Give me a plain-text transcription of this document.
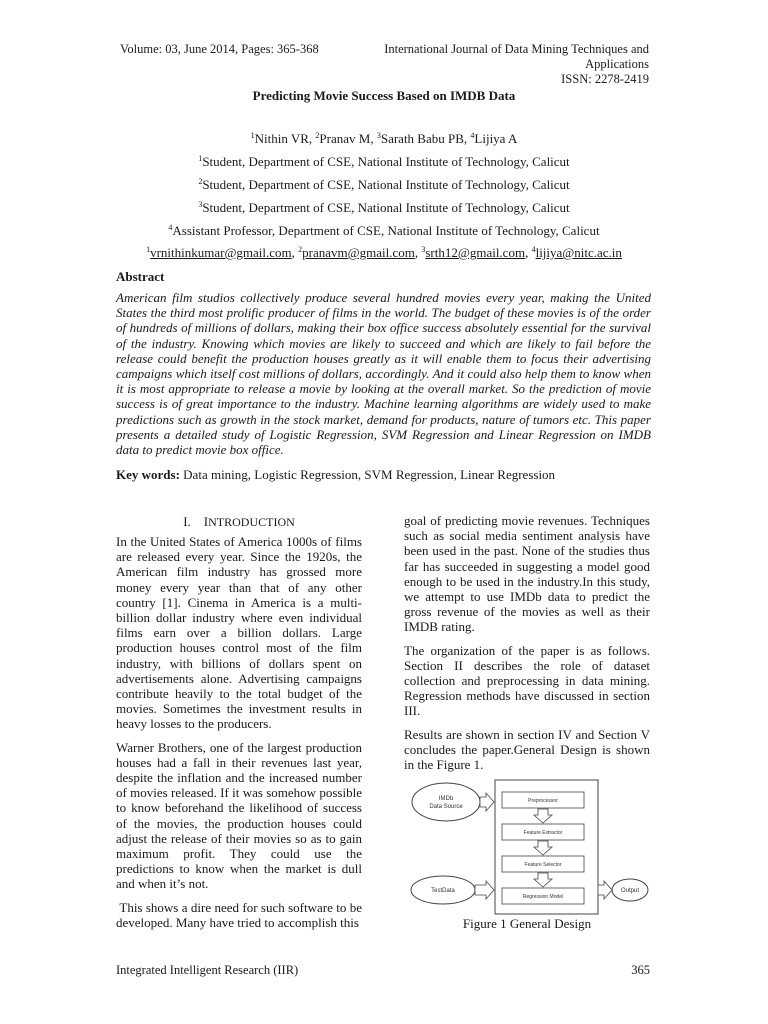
Volume: 03, June 2014, Pages: 365-368	International Journal of Data Mining Techniques and Applications
ISSN: 2278-2419
Predicting Movie Success Based on IMDB Data
$^1$Nithin VR, $^2$Pranav M, $^3$Sarath Babu PB, $^4$Lijiya A
$^1$Student, Department of CSE, National Institute of Technology, Calicut
$^2$Student, Department of CSE, National Institute of Technology, Calicut
$^3$Student, Department of CSE, National Institute of Technology, Calicut
$^4$Assistant Professor, Department of CSE, National Institute of Technology, Calicut
$^1$vrnithinkumar@gmail.com, $^2$pranavm@gmail.com, $^3$srth12@gmail.com, $^4$lijiya@nitc.ac.in
Abstract
American film studios collectively produce several hundred movies every year, making the United States the third most prolific producer of films in the world. The budget of these movies is of the order of hundreds of millions of dollars, making their box office success absolutely essential for the survival of the industry. Knowing which movies are likely to succeed and which are likely to fail before the release could benefit the production houses greatly as it will enable them to focus their advertising campaigns which itself cost millions of dollars, accordingly. And it could also help them to know when it is most appropriate to release a movie by looking at the overall market. So the prediction of movie success is of great importance to the industry. Machine learning algorithms are widely used to make predictions such as growth in the stock market, demand for products, nature of tumors etc. This paper presents a detailed study of Logistic Regression, SVM Regression and Linear Regression on IMDB data to predict movie box office.
Key words: Data mining, Logistic Regression, SVM Regression, Linear Regression
I. INTRODUCTION

In the United States of America 1000s of films are released every year. Since the 1920s, the American film industry has grossed more money every year than that of any other country [1]. Cinema in America is a multi-billion dollar industry where even individual films earn over a billion dollars. Large production houses control most of the film industry, with billions of dollars spent on advertisements alone. Advertising campaigns contribute heavily to the total budget of the movies. Sometimes the investment results in heavy losses to the producers.

Warner Brothers, one of the largest production houses had a fall in their revenues last year, despite the inflation and the increased number of movies released. If it was somehow possible to know beforehand the likelihood of success of the movies, the production houses could adjust the release of their movies so as to gain maximum profit. They could use the predictions to know when the market is dull and when it’s not.

This shows a dire need for such software to be developed. Many have tried to accomplish this

goal of predicting movie revenues. Techniques such as social media sentiment analysis have been used in the past. None of the studies thus far has succeeded in suggesting a model good enough to be used in the industry.In this study, we attempt to use IMDb data to predict the gross revenue of the movies as well as their IMDB rating.

The organization of the paper is as follows. Section II describes the role of dataset collection and preprocessing in data mining. Regression methods have discussed in section III.

Results are shown in section IV and Section V concludes the paper.General Design is shown in the Figure 1.

IMDb
Data Source
Preprocessor
Feature Extractor
Feature Selector
Regression Model
TestData	Output
Figure 1 General Design
Integrated Intelligent Research (IIR)	365
